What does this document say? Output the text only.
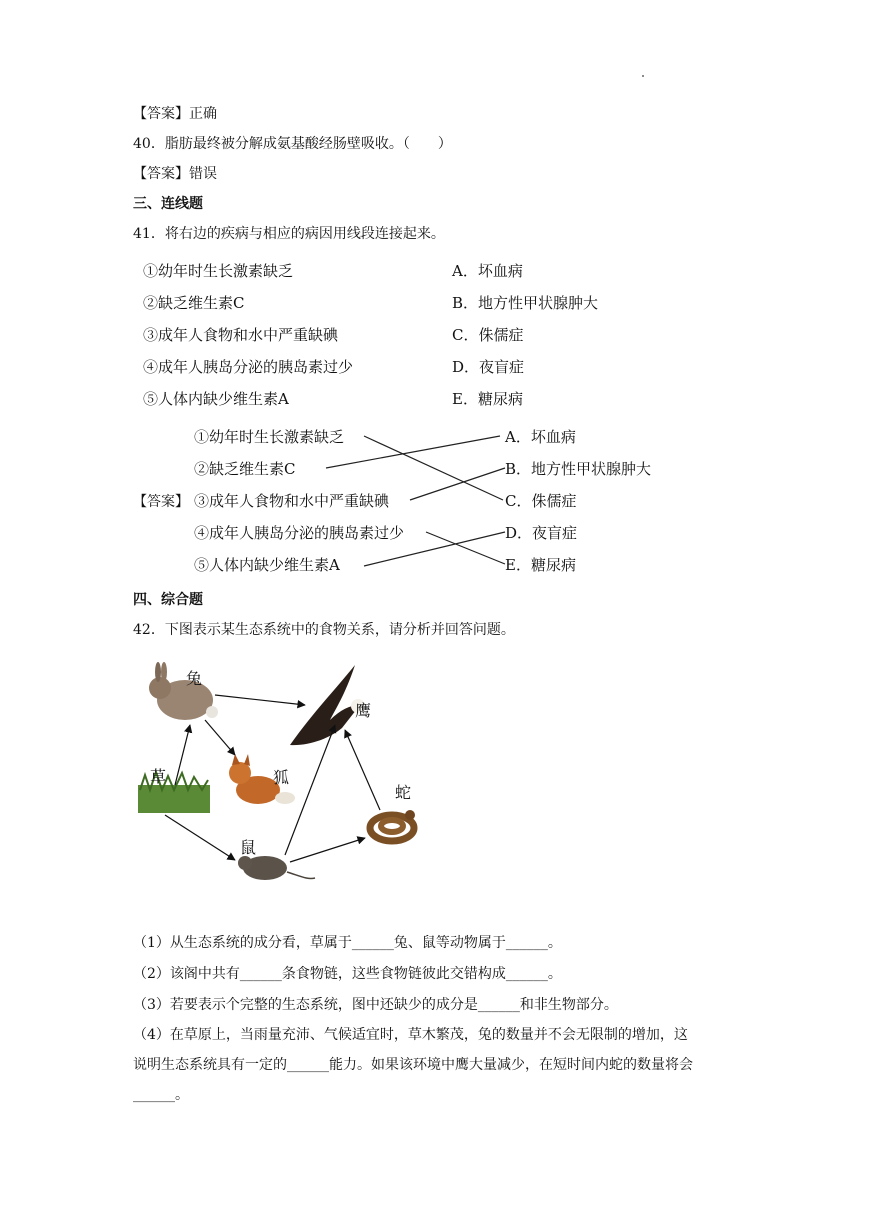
【答案】正确
40．脂肪最终被分解成氨基酸经肠壁吸收。（　　）
【答案】错误
三、连线题
41．将右边的疾病与相应的病因用线段连接起来。
①幼年时生长激素缺乏
②缺乏维生素C
③成年人食物和水中严重缺碘
④成年人胰岛分泌的胰岛素过少
⑤人体内缺少维生素A
A．坏血病
B．地方性甲状腺肿大
C．侏儒症
D．夜盲症
E．糖尿病
【答案】
①幼年时生长激素缺乏
②缺乏维生素C
③成年人食物和水中严重缺碘
④成年人胰岛分泌的胰岛素过少
⑤人体内缺少维生素A
A．坏血病
B．地方性甲状腺肿大
C．侏儒症
D．夜盲症
E．糖尿病
四、综合题
42．下图表示某生态系统中的食物关系，请分析并回答问题。
兔
鹰
草	狐
蛇
鼠
（1）从生态系统的成分看，草属于______兔、鼠等动物属于______。
（2）该阁中共有______条食物链，这些食物链彼此交错构成______。
（3）若要表示个完整的生态系统，图中还缺少的成分是______和非生物部分。
（4）在草原上，当雨量充沛、气候适宜时，草木繁茂，兔的数量并不会无限制的增加，这
说明生态系统具有一定的______能力。如果该环境中鹰大量减少，在短时间内蛇的数量将会
______。
